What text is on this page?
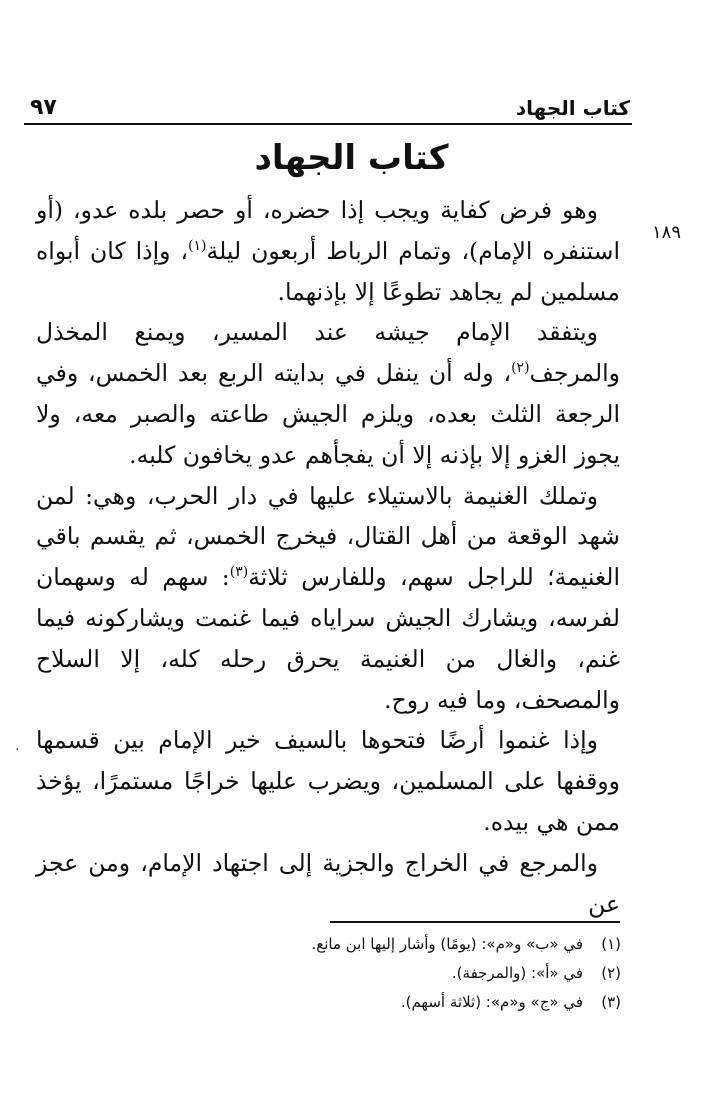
كتاب الجهاد
٩٧
كتاب الجهاد
١٨٩

وهو فرض كفاية ويجب إذا حضره، أو حصر بلده عدو، (أو استنفره الإمام)، وتمام الرباط أربعون ليلة$^{(١)}$، وإذا كان أبواه مسلمين لم يجاهد تطوعًا إلا بإذنهما.

ويتفقد الإمام جيشه عند المسير، ويمنع المخذل والمرجف$^{(٢)}$، وله أن ينفل في بدايته الربع بعد الخمس، وفي الرجعة الثلث بعده، ويلزم الجيش طاعته والصبر معه، ولا يجوز الغزو إلا بإذنه إلا أن يفجأهم عدو يخافون كلبه.

وتملك الغنيمة بالاستيلاء عليها في دار الحرب، وهي: لمن شهد الوقعة من أهل القتال، فيخرج الخمس، ثم يقسم باقي الغنيمة؛ للراجل سهم، وللفارس ثلاثة$^{(٣)}$: سهم له وسهمان لفرسه، ويشارك الجيش سراياه فيما غنمت ويشاركونه فيما غنم، والغال من الغنيمة يحرق رحله كله، إلا السلاح والمصحف، وما فيه روح.

وإذا غنموا أرضًا فتحوها بالسيف خير الإمام بين قسمها ووقفها على المسلمين، ويضرب عليها خراجًا مستمرًا، يؤخذ ممن هي بيده.

والمرجع في الخراج والجزية إلى اجتهاد الإمام، ومن عجز عن

·
(١)
في «ب» و«م»: (يومًا) وأشار إليها ابن مانع.
(٢)
في «أ»: (والمرجفة).
(٣)
في «ج» و«م»: (ثلاثة أسهم).
